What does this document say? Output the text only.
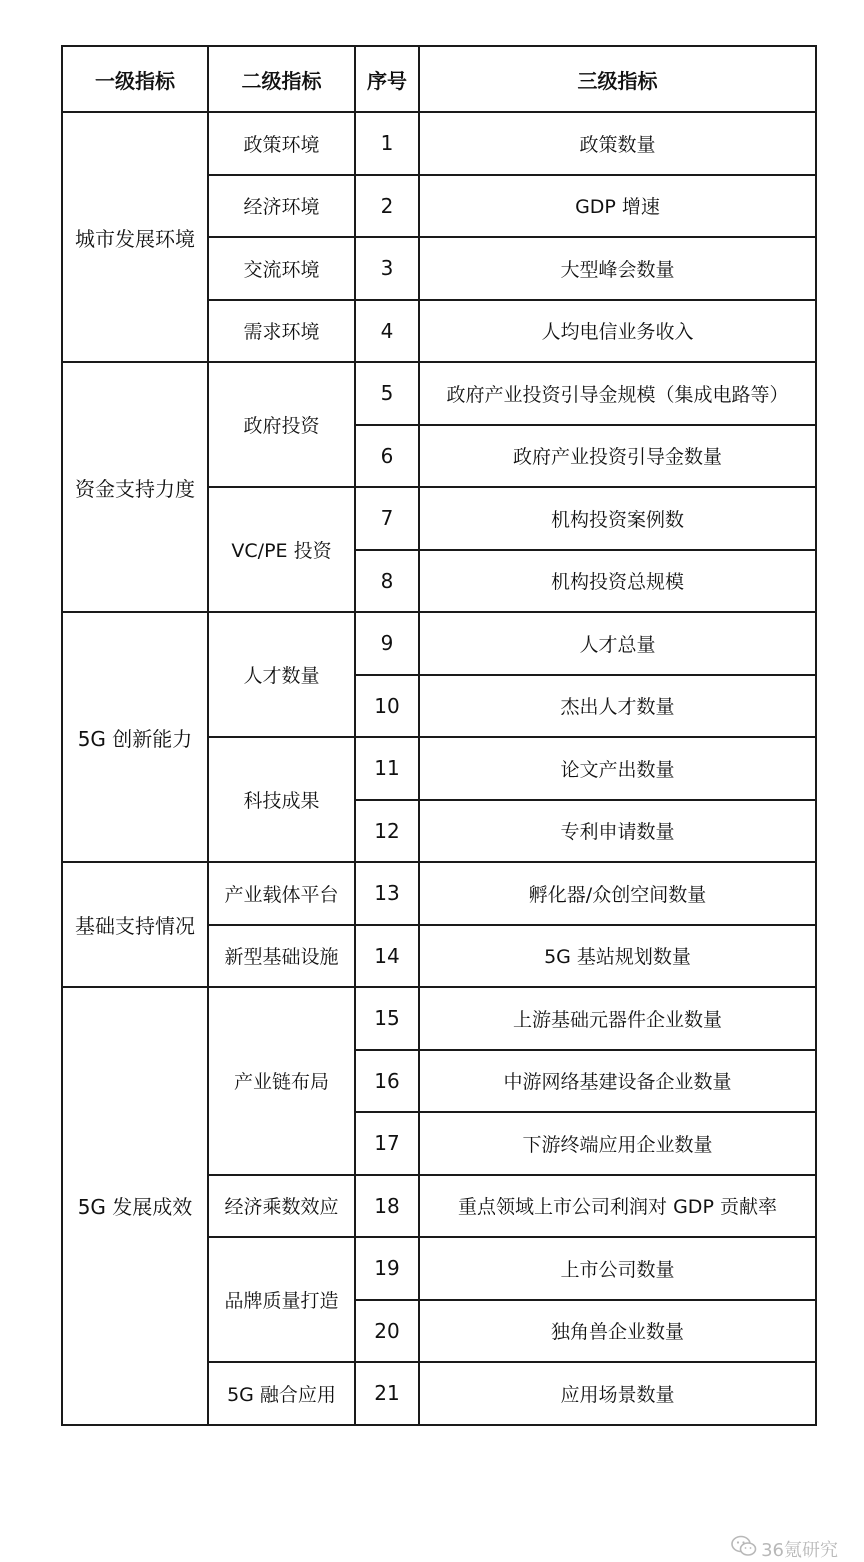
一级指标	二级指标	序号	三级指标
城市发展环境	政策环境	1	政策数量
	经济环境	2	GDP 增速
	交流环境	3	大型峰会数量
	需求环境	4	人均电信业务收入
资金支持力度	政府投资	5	政府产业投资引导金规模（集成电路等）
		6	政府产业投资引导金数量
	VC/PE 投资	7	机构投资案例数
		8	机构投资总规模
5G 创新能力	人才数量	9	人才总量
		10	杰出人才数量
	科技成果	11	论文产出数量
		12	专利申请数量
基础支持情况	产业载体平台	13	孵化器/众创空间数量
	新型基础设施	14	5G 基站规划数量
5G 发展成效	产业链布局	15	上游基础元器件企业数量
		16	中游网络基建设备企业数量
		17	下游终端应用企业数量
	经济乘数效应	18	重点领域上市公司利润对 GDP 贡献率
	品牌质量打造	19	上市公司数量
		20	独角兽企业数量
	5G 融合应用	21	应用场景数量
36氪研究
